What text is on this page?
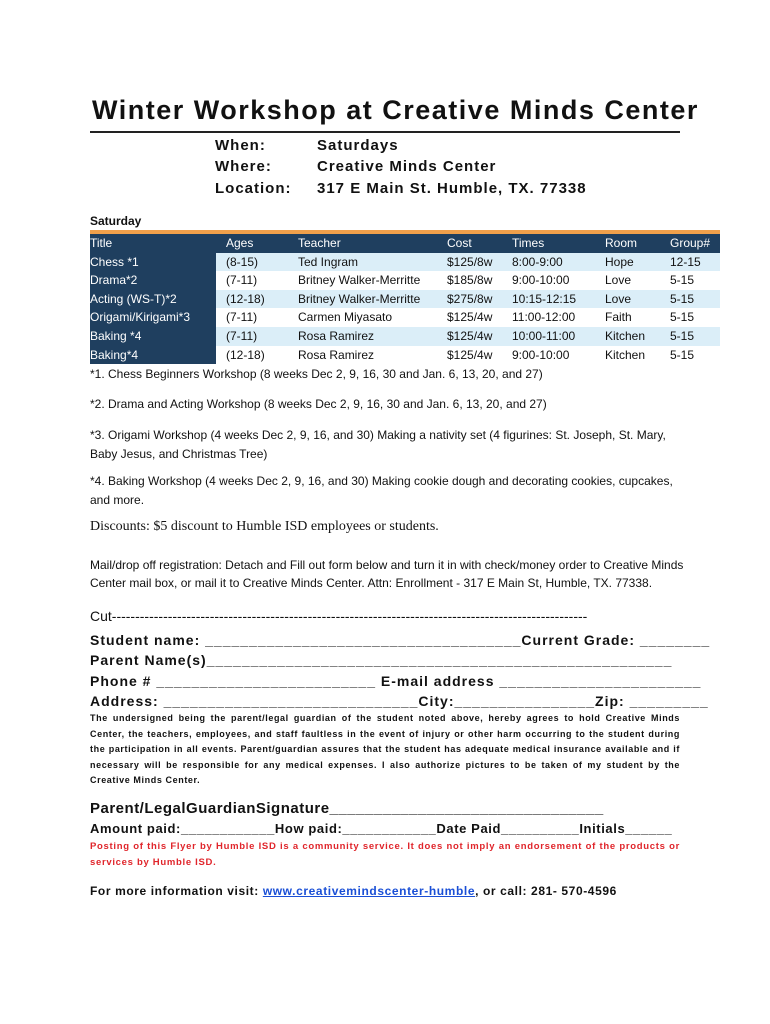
Winter Workshop at Creative Minds Center
When:	Saturdays
Where:	Creative Minds Center
Location: 317 E Main St. Humble, TX. 77338
Saturday
Title	Ages	Teacher	Cost	Times	Room	Group#
Chess *1	(8-15)	Ted Ingram	$125/8w 8:00-9:00	Hope	12-15
Drama*2	(7-11)	Britney Walker-Merritte $185/8w 9:00-10:00	Love	5-15
Acting (WS-T)*2	(12-18)	Britney Walker-Merritte $275/8w 10:15-12:15 Love	5-15
Origami/Kirigami*3	(7-11)	Carmen Miyasato	$125/4w 11:00-12:00 Faith	5-15
Baking *4	(7-11)	Rosa Ramirez	$125/4w 10:00-11:00 Kitchen 5-15
Baking*4	(12-18)	Rosa Ramirez	$125/4w 9:00-10:00	Kitchen 5-15
*1. Chess Beginners Workshop (8 weeks Dec 2, 9, 16, 30 and Jan. 6, 13, 20, and 27)
*2. Drama and Acting Workshop (8 weeks Dec 2, 9, 16, 30 and Jan. 6, 13, 20, and 27)
*3. Origami Workshop (4 weeks Dec 2, 9, 16, and 30) Making a nativity set (4 figurines: St. Joseph, St. Mary, Baby Jesus, and Christmas Tree)
*4. Baking Workshop (4 weeks Dec 2, 9, 16, and 30) Making cookie dough and decorating cookies, cupcakes, and more.
Discounts: $5 discount to Humble ISD employees or students.
Mail/drop off registration: Detach and Fill out form below and turn it in with check/money order to Creative Minds Center mail box, or mail it to Creative Minds Center. Attn: Enrollment - 317 E Main St, Humble, TX. 77338.
Cut------------------------------------------------------------------------------------------------------
Student name: ____________________________________Current Grade: ________
Parent Name(s)_____________________________________________________
Phone # _________________________ E-mail address _______________________
Address: _____________________________City:________________Zip: _________
The undersigned being the parent/legal guardian of the student noted above, hereby agrees to hold Creative Minds Center, the teachers, employees, and staff faultless in the event of injury or other harm occurring to the student during the participation in all events. Parent/guardian assures that the student has adequate medical insurance available and if necessary will be responsible for any medical expenses. I also authorize pictures to be taken of my student by the Creative Minds Center.
Parent/LegalGuardianSignature_______________________________
Amount paid:____________How paid:____________Date Paid__________Initials______
Posting of this Flyer by Humble ISD is a community service. It does not imply an endorsement of the products or services by Humble ISD.
For more information visit: www.creativemindscenter-humble, or call: 281- 570-4596
